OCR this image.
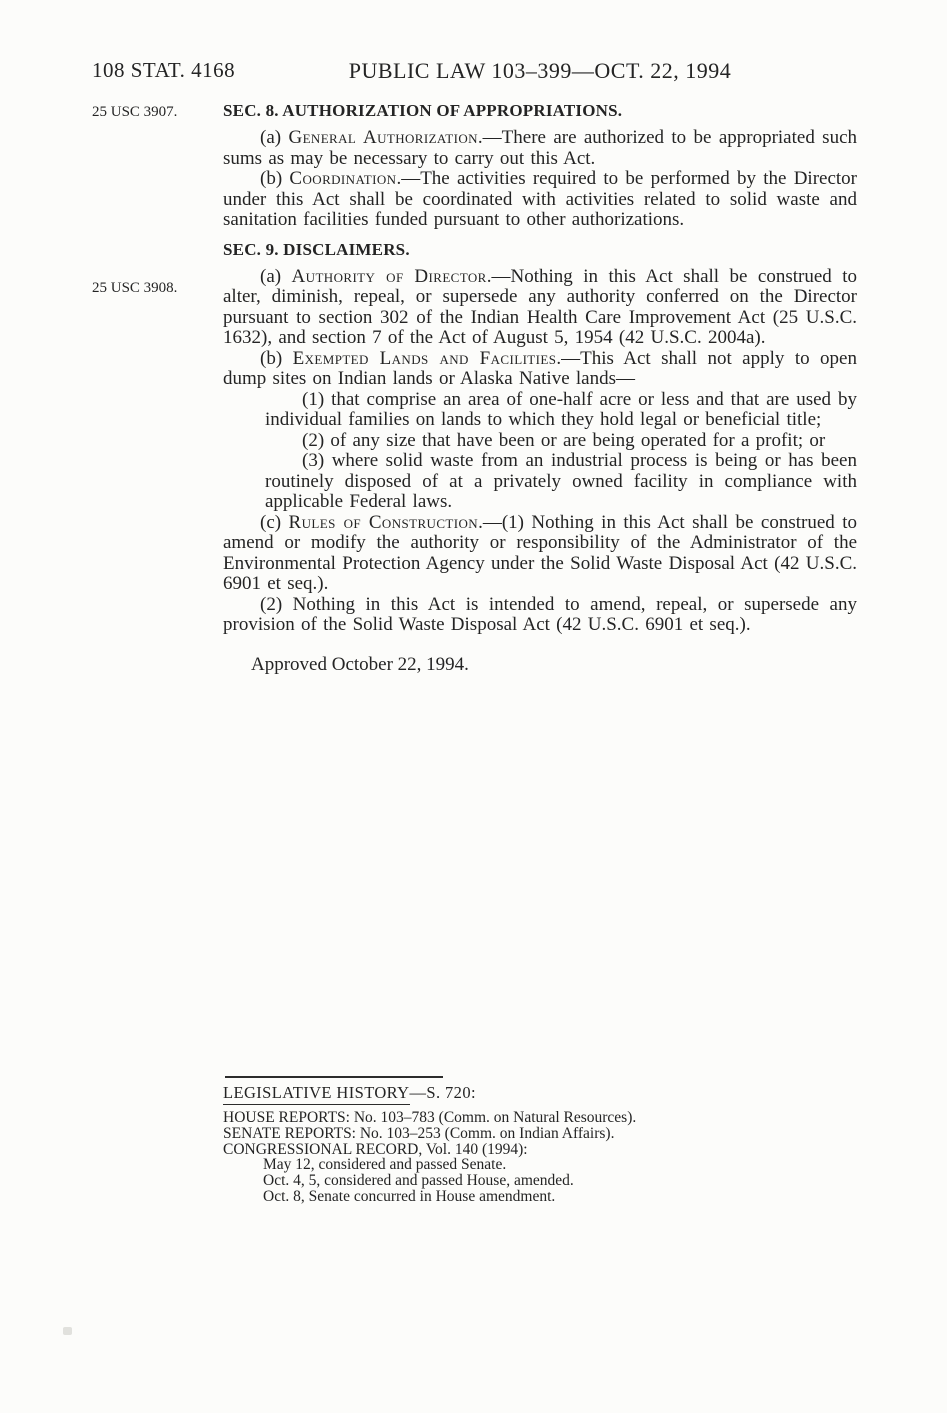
108 STAT. 4168	PUBLIC LAW 103–399—OCT. 22, 1994
25 USC 3907.
25 USC 3908.
SEC. 8. AUTHORIZATION OF APPROPRIATIONS.

(a) General Authorization.—There are authorized to be appropriated such sums as may be necessary to carry out this Act.

(b) Coordination.—The activities required to be performed by the Director under this Act shall be coordinated with activities related to solid waste and sanitation facilities funded pursuant to other authorizations.

SEC. 9. DISCLAIMERS.

(a) Authority of Director.—Nothing in this Act shall be construed to alter, diminish, repeal, or supersede any authority conferred on the Director pursuant to section 302 of the Indian Health Care Improvement Act (25 U.S.C. 1632), and section 7 of the Act of August 5, 1954 (42 U.S.C. 2004a).

(b) Exempted Lands and Facilities.—This Act shall not apply to open dump sites on Indian lands or Alaska Native lands—

(1) that comprise an area of one-half acre or less and that are used by individual families on lands to which they hold legal or beneficial title;

(2) of any size that have been or are being operated for a profit; or

(3) where solid waste from an industrial process is being or has been routinely disposed of at a privately owned facility in compliance with applicable Federal laws.

(c) Rules of Construction.—(1) Nothing in this Act shall be construed to amend or modify the authority or responsibility of the Administrator of the Environmental Protection Agency under the Solid Waste Disposal Act (42 U.S.C. 6901 et seq.).

(2) Nothing in this Act is intended to amend, repeal, or supersede any provision of the Solid Waste Disposal Act (42 U.S.C. 6901 et seq.).

Approved October 22, 1994.

LEGISLATIVE HISTORY—S. 720:

HOUSE REPORTS: No. 103–783 (Comm. on Natural Resources).

SENATE REPORTS: No. 103–253 (Comm. on Indian Affairs).

CONGRESSIONAL RECORD, Vol. 140 (1994):

May 12, considered and passed Senate.

Oct. 4, 5, considered and passed House, amended.

Oct. 8, Senate concurred in House amendment.
